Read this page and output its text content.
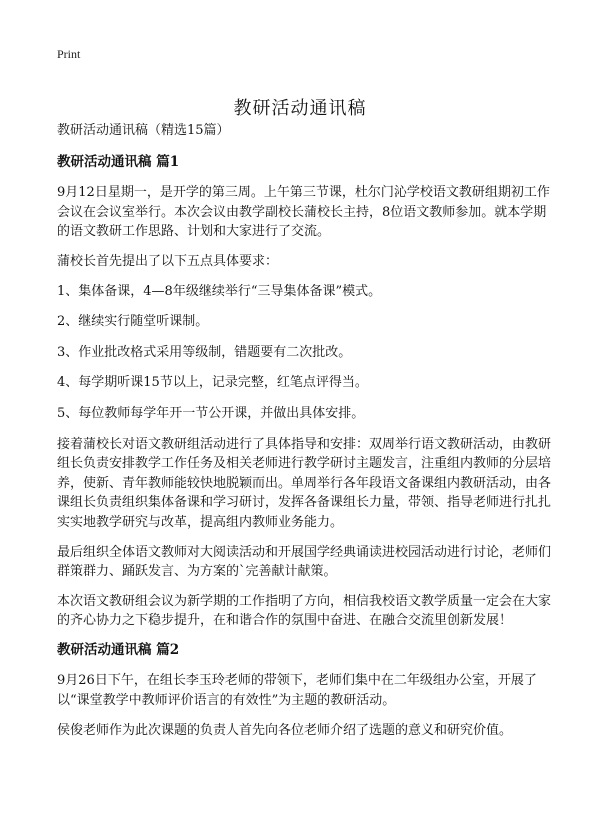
Print
教研活动通讯稿

教研活动通讯稿（精选15篇）

教研活动通讯稿 篇1

9月12日星期一，是开学的第三周。上午第三节课，杜尔门沁学校语文教研组期初工作会议在会议室举行。本次会议由教学副校长蒲校长主持，8位语文教师参加。就本学期的语文教研工作思路、计划和大家进行了交流。

蒲校长首先提出了以下五点具体要求：

1、集体备课，4—8年级继续举行“三导集体备课”模式。

2、继续实行随堂听课制。

3、作业批改格式采用等级制，错题要有二次批改。

4、每学期听课15节以上，记录完整，红笔点评得当。

5、每位教师每学年开一节公开课，并做出具体安排。

接着蒲校长对语文教研组活动进行了具体指导和安排：双周举行语文教研活动，由教研组长负责安排教学工作任务及相关老师进行教学研讨主题发言，注重组内教师的分层培养，使新、青年教师能较快地脱颖而出。单周举行各年段语文备课组内教研活动，由各课组长负责组织集体备课和学习研讨，发挥各备课组长力量，带领、指导老师进行扎扎实实地教学研究与改革，提高组内教师业务能力。

最后组织全体语文教师对大阅读活动和开展国学经典诵读进校园活动进行讨论，老师们群策群力、踊跃发言、为方案的`完善献计献策。

本次语文教研组会议为新学期的工作指明了方向，相信我校语文教学质量一定会在大家的齐心协力之下稳步提升，在和谐合作的氛围中奋进、在融合交流里创新发展！

教研活动通讯稿 篇2

9月26日下午，在组长李玉玲老师的带领下，老师们集中在二年级组办公室，开展了以“课堂教学中教师评价语言的有效性”为主题的教研活动。

侯俊老师作为此次课题的负责人首先向各位老师介绍了选题的意义和研究价值。
